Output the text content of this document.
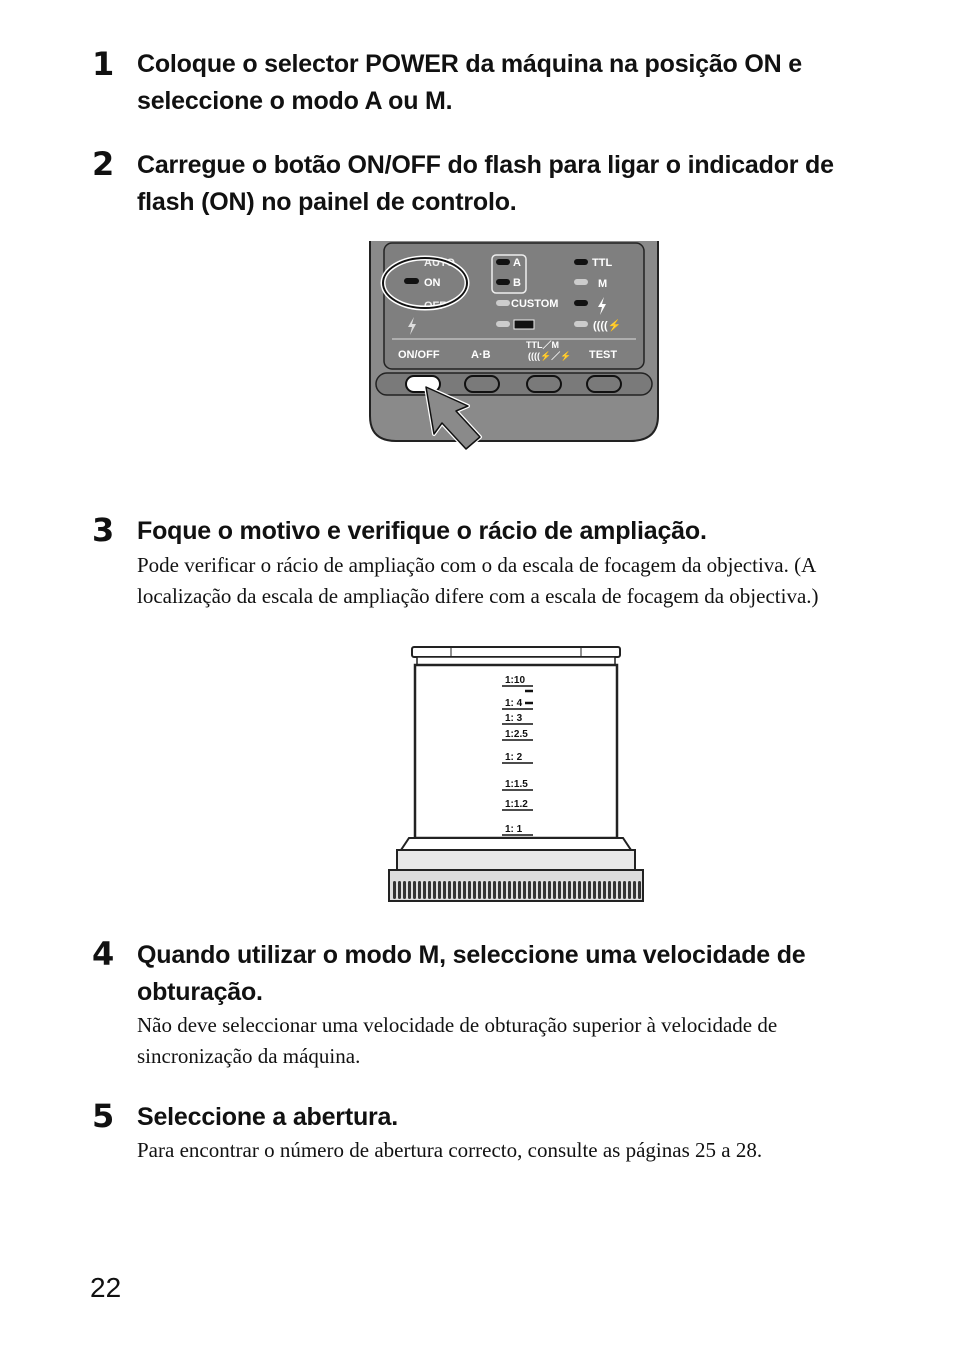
1 Coloque o selector POWER da máquina na posição ON e seleccione o modo A ou M.
2 Carregue o botão ON/OFF do flash para ligar o indicador de flash (ON) no painel de controlo.
AUTO
ON
OFF
A
B
CUSTOM
TTL
M
((((⚡
ON/OFF	A·B
TTL／M
((((⚡／⚡ TEST
3 Foque o motivo e verifique o rácio de ampliação.
Pode verificar o rácio de ampliação com o da escala de focagem da objectiva. (A localização da escala de ampliação difere com a escala de focagem da objectiva.)
1:10
1: 4
1: 3
1:2.5
1: 2
1:1.5
1:1.2
1: 1
4 Quando utilizar o modo M, seleccione uma velocidade de obturação.
Não deve seleccionar uma velocidade de obturação superior à velocidade de sincronização da máquina.
5 Seleccione a abertura.
Para encontrar o número de abertura correcto, consulte as páginas 25 a 28.
22
